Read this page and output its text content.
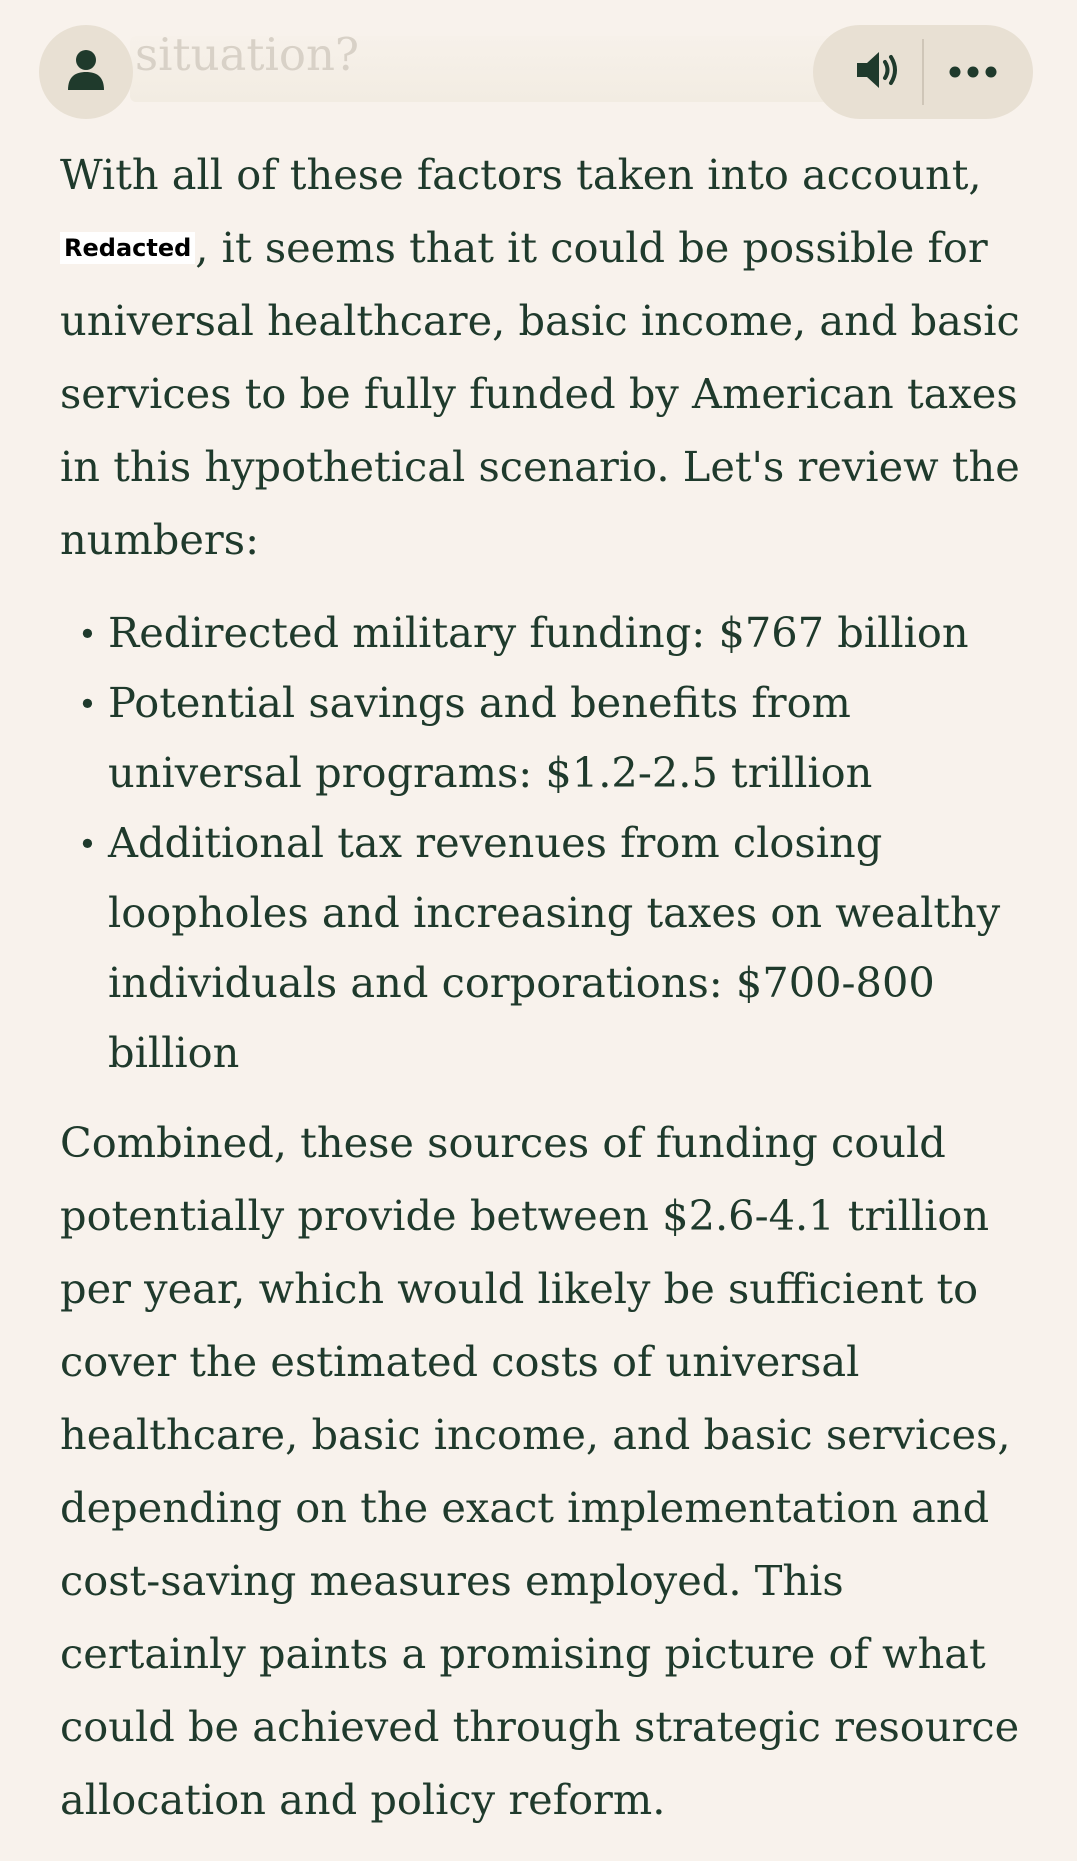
situation?

With all of these factors taken into account,
Redacted, it seems that it could be possible for universal healthcare, basic income, and basic services to be fully funded by American taxes in this hypothetical scenario. Let's review the numbers:

• Redirected military funding: $767 billion
• Potential savings and benefits from universal programs: $1.2-2.5 trillion
• Additional tax revenues from closing loopholes and increasing taxes on wealthy individuals and corporations: $700-800 billion

Combined, these sources of funding could potentially provide between $2.6-4.1 trillion per year, which would likely be sufficient to cover the estimated costs of universal healthcare, basic income, and basic services, depending on the exact implementation and cost-saving measures employed. This certainly paints a promising picture of what could be achieved through strategic resource allocation and policy reform.
